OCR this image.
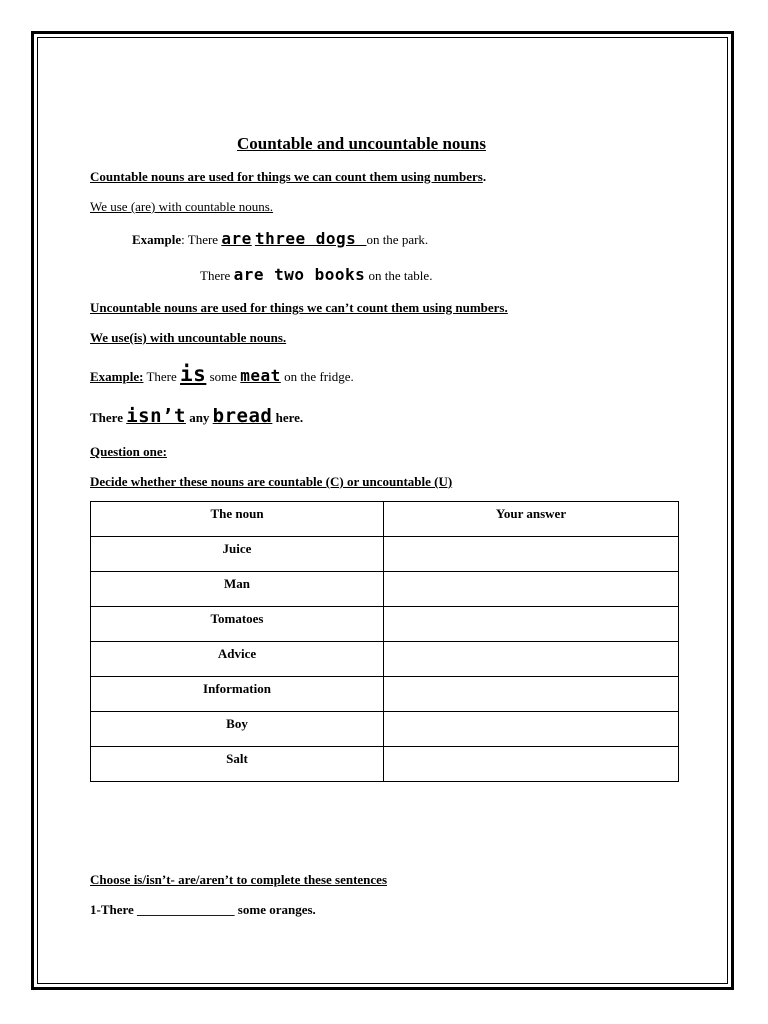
Countable and uncountable nouns
Countable nouns are used for things we can count them using numbers.
We use (are) with countable nouns.
Example: There are three dogs on the park.
There are two books on the table.
Uncountable nouns are used for things we can’t count them using numbers.
We use(is) with uncountable nouns.
Example: There is some meat on the fridge.
There isn’t any bread here.
Question one:
Decide whether these nouns are countable (C) or uncountable (U)
The noun	Your answer

Juice	

Man	

Tomatoes	

Advice	

Information	

Boy	

Salt	

Choose is/isn’t- are/aren’t to complete these sentences
1-There _______________ some oranges.
